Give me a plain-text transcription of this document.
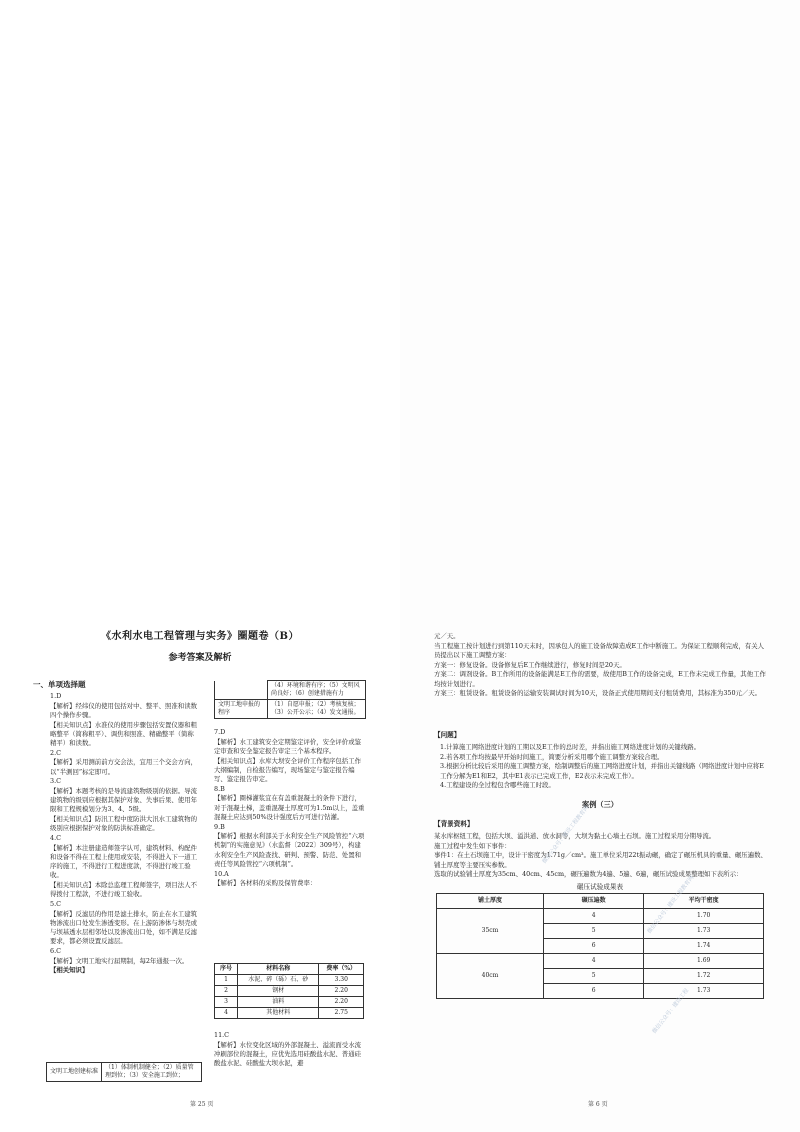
《水利水电工程管理与实务》圈题卷（B）
参考答案及解析
一、单项选择题
1.D
【解析】经纬仪的使用包括对中、整平、照准和读数四个操作步骤。
【相关知识点】水准仪的使用步骤包括安置仪器和粗略整平（简称粗平）、调焦和照准、精确整平（简称精平）和读数。
2.C
【解析】采用测前前方交会法，宜用三个交会方向，以“半测回”标定即可。
3.C
【解析】本题考核的是导流建筑物级别的依据。导流建筑物的级别应根据其保护对象、失事后果、使用年限和工程规模划分为3、4、5级。
【相关知识点】防汛工程中度防洪大汛水工建筑物的级别应根据保护对象的防洪标准确定。
4.C
【解析】本注册建造师签字认可，建筑材料、构配件和设备不得在工程上使用或安装，不得进入下一道工序的施工，不得进行工程进度款，不得进行竣工验收。
【相关知识点】本除总监理工程师签字，项目法人不得拨付工程款，不进行竣工验收。
5.C
【解析】反滤层的作用是滤土排水，防止在水工建筑物渗流出口处发生渗透变形。在上游防渗体与坝壳或与坝基透水层相邻处以及渗流出口处，如不满足反滤要求，都必须设置反滤层。
6.C
【解析】文明工地实行届期制，每2年通报一次。
【相关知识】
文明工地创建标准	（1）体制机制健全；（2）质量管理到位；（3）安全施工到位；
	（4）环境和谐有序；（5）文明风尚良好；（6）创建措施有力
文明工地申报的程序	（1）自愿申报；（2）考核复核；（3）公开公示；（4）发文通报。
7.D
【解析】水工建筑安全定期鉴定评价，安全评价或鉴定审查和安全鉴定报告审定三个基本程序。
【相关知识点】水库大坝安全评价工作程序包括工作大纲编制，自检报告编写，现场鉴定与鉴定报告编写、鉴定报告审定。
8.B
【解析】圈梯灌浆宜在有盖重混凝土的条件下进行，对于混凝土梯，盖重混凝土厚度可为1.5m以上，盖重混凝土应达到50%设计强度后方可进行钻灌。
9.B
【解析】根据水利部关于水利安全生产风险管控“六项机制”的实施意见》（水监督〔2022〕309号），构建水利安全生产风险查找、研判、预警、防范、处置和责任等风险管控“六项机制”。
10.A
【解析】各材料的采购及保管费率：
序号	材料名称	费率（%）
1	水泥、碎（砾）石、砂	3.30
2	钢材	2.20
3	油料	2.20
4	其他材料	2.75
11.C
【解析】水位变化区域的外部混凝土、溢流面受水流冲刷部位的混凝土，应优先选用硅酸盐水泥、普通硅酸盐水泥、硅酸盐大坝水泥，避
第 25 页
元／天。
当工程施工按计划进行到第110天末时，因承包人的施工设备故障造成E工作中断施工。为保证工程顺利完成，有关人员提出以下施工调整方案：
方案一：修复设备。设备修复后E工作继续进行，修复时间是20天。
方案二：调剂设备。B工作所用的设备能满足E工作的需要，故使用B工作的设备完成，E工作未完成工作量，其他工作均按计划进行。
方案三：租赁设备。租赁设备的运输安装调试时间为10天，设备正式使用期间支付租赁费用，其标准为350元／天。
【问题】
1.计算施工网络进度计划的工期以及E工作的总时差，并指出施工网络进度计划的关键线路。
2.若各项工作均按最早开始时间施工，简要分析采用哪个施工调整方案较合理。
3.根据分析比较后采用的施工调整方案，绘制调整后的施工网络进度计划，并指出关键线路（网络进度计划中应将E工作分解为E1和E2，其中E1表示已完成工作，E2表示未完成工作）。
4.工程建设的全过程包含哪些施工时段。
案例（三）
【背景资料】
某水库枢纽工程，包括大坝、溢洪道、放水洞等，大坝为黏土心墙土石坝。施工过程采用分期导流。
施工过程中发生如下事件：
事件1：在土石坝施工中，设计干密度为1.71g／cm³。施工单位采用22t振动碾，确定了碾压机具的重量、碾压遍数、铺土厚度等主要压实参数。
选取的试验铺土厚度为35cm、40cm、45cm，碾压遍数为4遍、5遍、6遍，碾压试验成果整理如下表所示：
碾压试验成果表
铺土厚度	碾压遍数	平均干密度
35cm	4	1.70
	5	1.73
	6	1.74
40cm	4	1.69
	5	1.72
	6	1.73
微信公众号：建设工程教育网
微信公众号：建设工程教育网
微信公众号：建设工程
第 6 页
